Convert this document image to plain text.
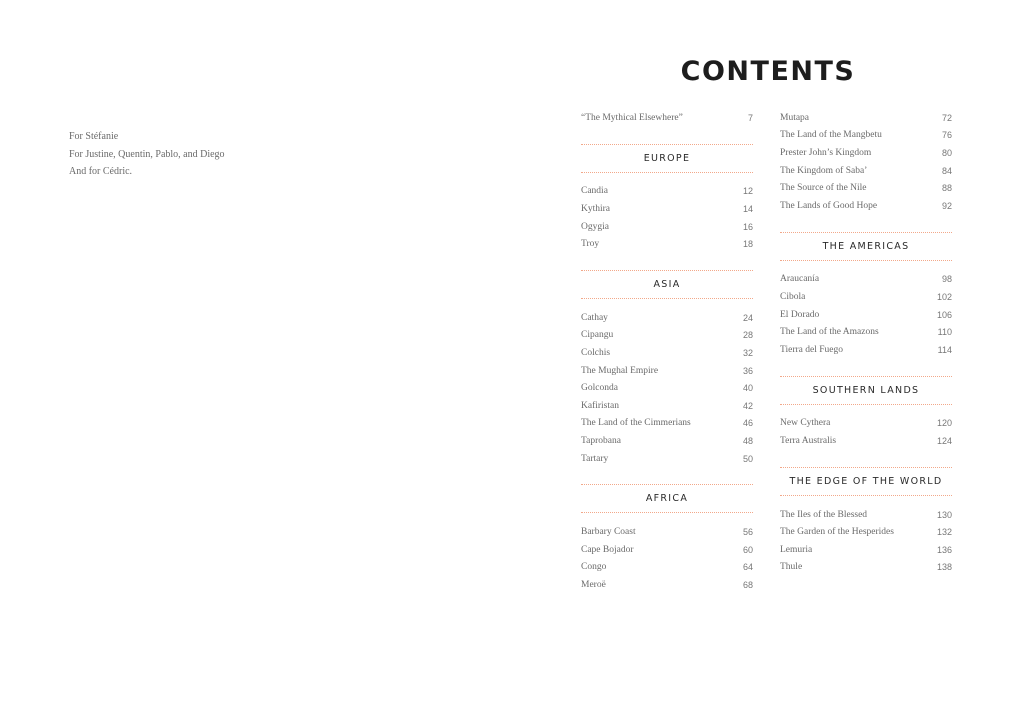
For Stéfanie
For Justine, Quentin, Pablo, and Diego
And for Cédric.
CONTENTS
“The Mythical Elsewhere”	7
EUROPE
Candia	12
Kythira	14
Ogygia	16
Troy	18
ASIA
Cathay	24
Cipangu	28
Colchis	32
The Mughal Empire	36
Golconda	40
Kafiristan	42
The Land of the Cimmerians	46
Taprobana	48
Tartary	50
AFRICA
Barbary Coast	56
Cape Bojador	60
Congo	64
Meroë	68
Mutapa	72
The Land of the Mangbetu	76
Prester John’s Kingdom	80
The Kingdom of Saba’	84
The Source of the Nile	88
The Lands of Good Hope	92
THE AMERICAS
Araucanía	98
Cibola	102
El Dorado	106
The Land of the Amazons	110
Tierra del Fuego	114
SOUTHERN LANDS
New Cythera	120
Terra Australis	124
THE EDGE OF THE WORLD
The Iles of the Blessed	130
The Garden of the Hesperides	132
Lemuria	136
Thule	138
